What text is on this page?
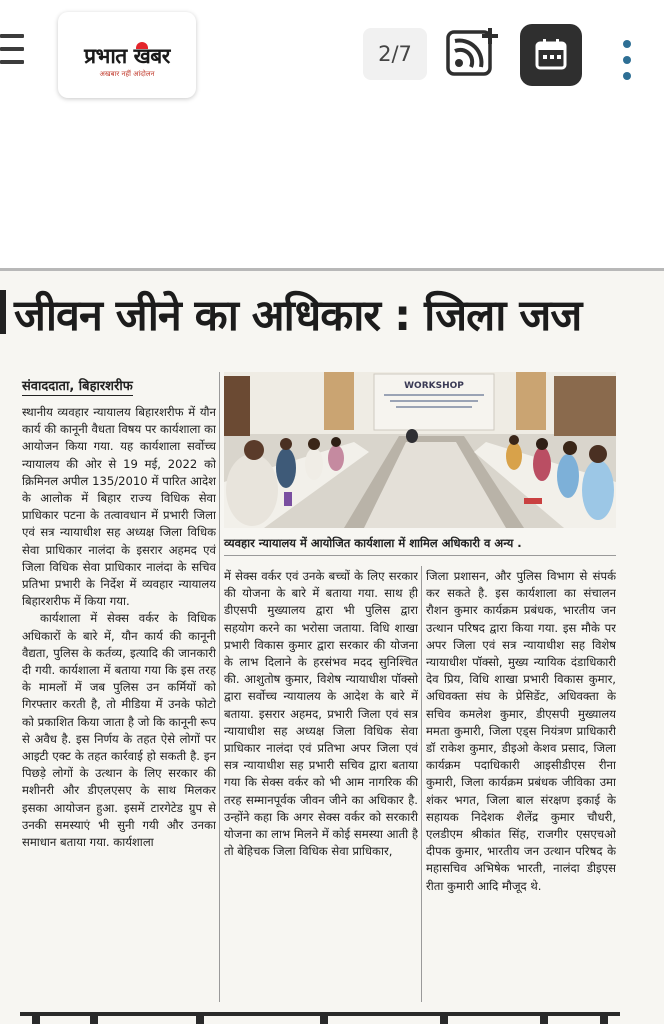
प्रभात खबर
अखबार नहीं आंदोलन
2/7
जीवन जीने का अधिकार : जिला जज
संवाददाता, बिहारशरीफ	WORKSHOP
व्यवहार न्यायालय में आयोजित कार्यशाला में शामिल अधिकारी व अन्य .

स्थानीय व्यवहार न्यायालय बिहारशरीफ में यौन कार्य की कानूनी वैधता विषय पर कार्यशाला का आयोजन किया गया. यह कार्यशाला सर्वोच्च न्यायालय की ओर से 19 मई, 2022 को क्रिमिनल अपील 135/2010 में पारित आदेश के आलोक में बिहार राज्य विधिक सेवा प्राधिकार पटना के तत्वावधान में प्रभारी जिला एवं सत्र न्यायाधीश सह अध्यक्ष जिला विधिक सेवा प्राधिकार नालंदा के इसरार अहमद एवं जिला विधिक सेवा प्राधिकार नालंदा के सचिव प्रतिभा प्रभारी के निर्देश में व्यवहार न्यायालय बिहारशरीफ में किया गया.

कार्यशाला में सेक्स वर्कर के विधिक अधिकारों के बारे में, यौन कार्य की कानूनी वैद्यता, पुलिस के कर्तव्य, इत्यादि की जानकारी दी गयी. कार्यशाला में बताया गया कि इस तरह के मामलों में जब पुलिस उन कर्मियों को गिरफ्तार करती है, तो मीडिया में उनके फोटो को प्रकाशित किया जाता है जो कि कानूनी रूप से अवैध है. इस निर्णय के तहत ऐसे लोगों पर आइटी एक्ट के तहत कार्रवाई हो सकती है. इन पिछड़े लोगों के उत्थान के लिए सरकार की मशीनरी और डीएलएसए के साथ मिलकर इसका आयोजन हुआ. इसमें टारगेटेड ग्रुप से उनकी समस्याएं भी सुनी गयी और उनका समाधान बताया गया. कार्यशाला

में सेक्स वर्कर एवं उनके बच्चों के लिए सरकार की योजना के बारे में बताया गया. साथ ही डीएसपी मुख्यालय द्वारा भी पुलिस द्वारा सहयोग करने का भरोसा जताया. विधि शाखा प्रभारी विकास कुमार द्वारा सरकार की योजना के लाभ दिलाने के हरसंभव मदद सुनिश्चित की. आशुतोष कुमार, विशेष न्यायाधीश पॉक्सो द्वारा सर्वोच्च न्यायालय के आदेश के बारे में बताया. इसरार अहमद, प्रभारी जिला एवं सत्र न्यायाधीश सह अध्यक्ष जिला विधिक सेवा प्राधिकार नालंदा एवं प्रतिभा अपर जिला एवं सत्र न्यायाधीश सह प्रभारी सचिव द्वारा बताया गया कि सेक्स वर्कर को भी आम नागरिक की तरह सम्मानपूर्वक जीवन जीने का अधिकार है. उन्होंने कहा कि अगर सेक्स वर्कर को सरकारी योजना का लाभ मिलने में कोई समस्या आती है तो बेहिचक जिला विधिक सेवा प्राधिकार,

जिला प्रशासन, और पुलिस विभाग से संपर्क कर सकते है. इस कार्यशाला का संचालन रौशन कुमार कार्यक्रम प्रबंधक, भारतीय जन उत्थान परिषद द्वारा किया गया. इस मौके पर अपर जिला एवं सत्र न्यायाधीश सह विशेष न्यायाधीश पॉक्सो, मुख्य न्यायिक दंडाधिकारी देव प्रिय, विधि शाखा प्रभारी विकास कुमार, अधिवक्ता संघ के प्रेसिडेंट, अधिवक्ता के सचिव कमलेश कुमार, डीएसपी मुख्यालय ममता कुमारी, जिला एड्स नियंत्रण प्राधिकारी डॉ राकेश कुमार, डीइओ केशव प्रसाद, जिला कार्यक्रम पदाधिकारी आइसीडीएस रीना कुमारी, जिला कार्यक्रम प्रबंधक जीविका उमा शंकर भगत, जिला बाल संरक्षण इकाई के सहायक निदेशक शैलेंद्र कुमार चौधरी, एलडीएम श्रीकांत सिंह, राजगीर एसएचओ दीपक कुमार, भारतीय जन उत्थान परिषद के महासचिव अभिषेक भारती, नालंदा डीइएस रीता कुमारी आदि मौजूद थे.
